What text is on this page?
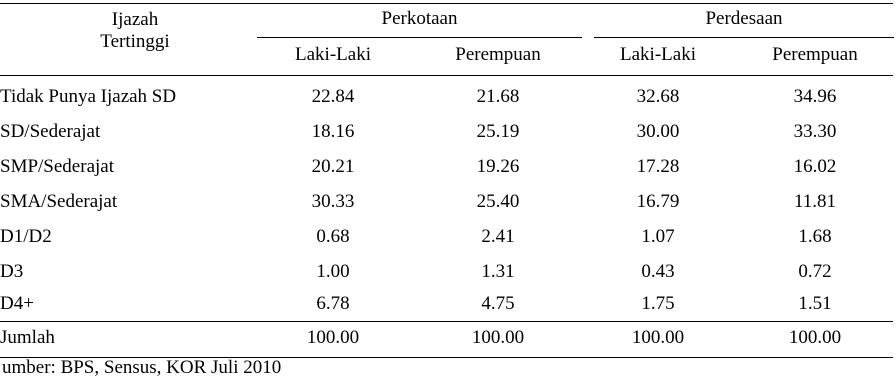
Ijazah
Tertinggi
Perkotaan	Perdesaan
Laki-Laki	Perempuan	Laki-Laki	Perempuan
Tidak Punya Ijazah SD	22.84	21.68	32.68	34.96
SD/Sederajat	18.16	25.19	30.00	33.30
SMP/Sederajat	20.21	19.26	17.28	16.02
SMA/Sederajat	30.33	25.40	16.79	11.81
D1/D2	0.68	2.41	1.07	1.68
D3	1.00	1.31	0.43	0.72
D4+	6.78	4.75	1.75	1.51
Jumlah	100.00	100.00	100.00	100.00
umber: BPS, Sensus, KOR Juli 2010
